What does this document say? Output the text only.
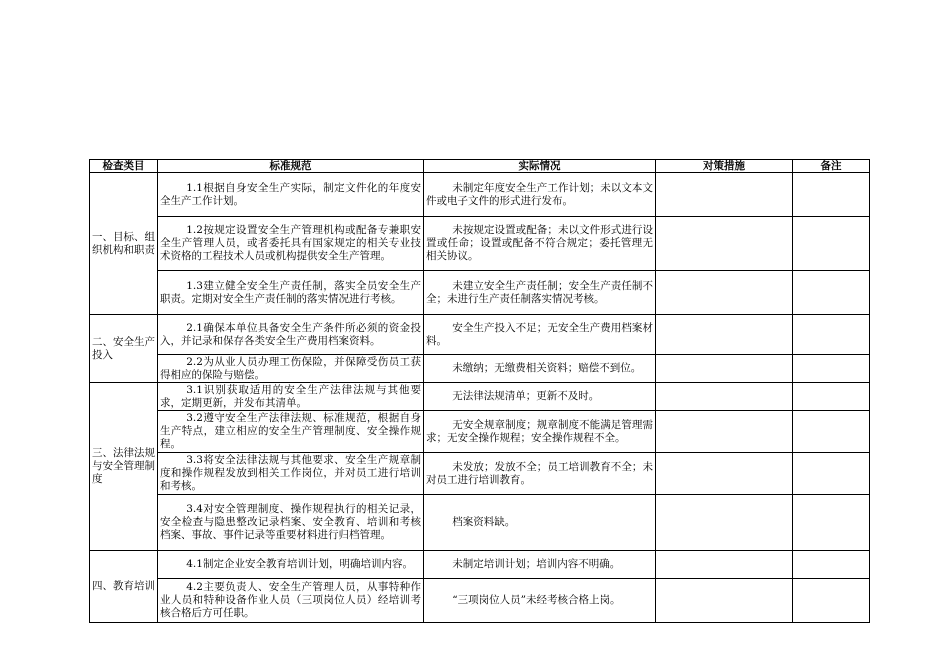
检查类目	标准规范	实际情况	对策措施	备注
一、目标、组织机构和职责	1.1根据自身安全生产实际，制定文件化的年度安全生产工作计划。	未制定年度安全生产工作计划；未以文本文件或电子文件的形式进行发布。		

	1.2按规定设置安全生产管理机构或配备专兼职安全生产管理人员，或者委托具有国家规定的相关专业技术资格的工程技术人员或机构提供安全生产管理。	未按规定设置或配备；未以文件形式进行设置或任命；设置或配备不符合规定；委托管理无相关协议。		

	1.3建立健全安全生产责任制，落实全员安全生产职责。定期对安全生产责任制的落实情况进行考核。	未建立安全生产责任制；安全生产责任制不全；未进行生产责任制落实情况考核。		

二、安全生产投入	2.1确保本单位具备安全生产条件所必须的资金投入，并记录和保存各类安全生产费用档案资料。	安全生产投入不足；无安全生产费用档案材料。		

	2.2为从业人员办理工伤保险，并保障受伤员工获得相应的保险与赔偿。	未缴纳；无缴费相关资料；赔偿不到位。		

三、法律法规与安全管理制度	3.1识别获取适用的安全生产法律法规与其他要求，定期更新，并发布其清单。	无法律法规清单；更新不及时。		

	3.2遵守安全生产法律法规、标准规范，根据自身生产特点，建立相应的安全生产管理制度、安全操作规程。	无安全规章制度；规章制度不能满足管理需求；无安全操作规程；安全操作规程不全。		

	3.3将安全法律法规与其他要求、安全生产规章制度和操作规程发放到相关工作岗位，并对员工进行培训和考核。	未发放；发放不全；员工培训教育不全；未对员工进行培训教育。		

	3.4对安全管理制度、操作规程执行的相关记录，安全检查与隐患整改记录档案、安全教育、培训和考核档案、事故、事件记录等重要材料进行归档管理。	档案资料缺。		

四、教育培训	4.1制定企业安全教育培训计划，明确培训内容。	未制定培训计划；培训内容不明确。		

	4.2主要负责人、安全生产管理人员，从事特种作业人员和特种设备作业人员（三项岗位人员）经培训考核合格后方可任职。	“三项岗位人员”未经考核合格上岗。		
